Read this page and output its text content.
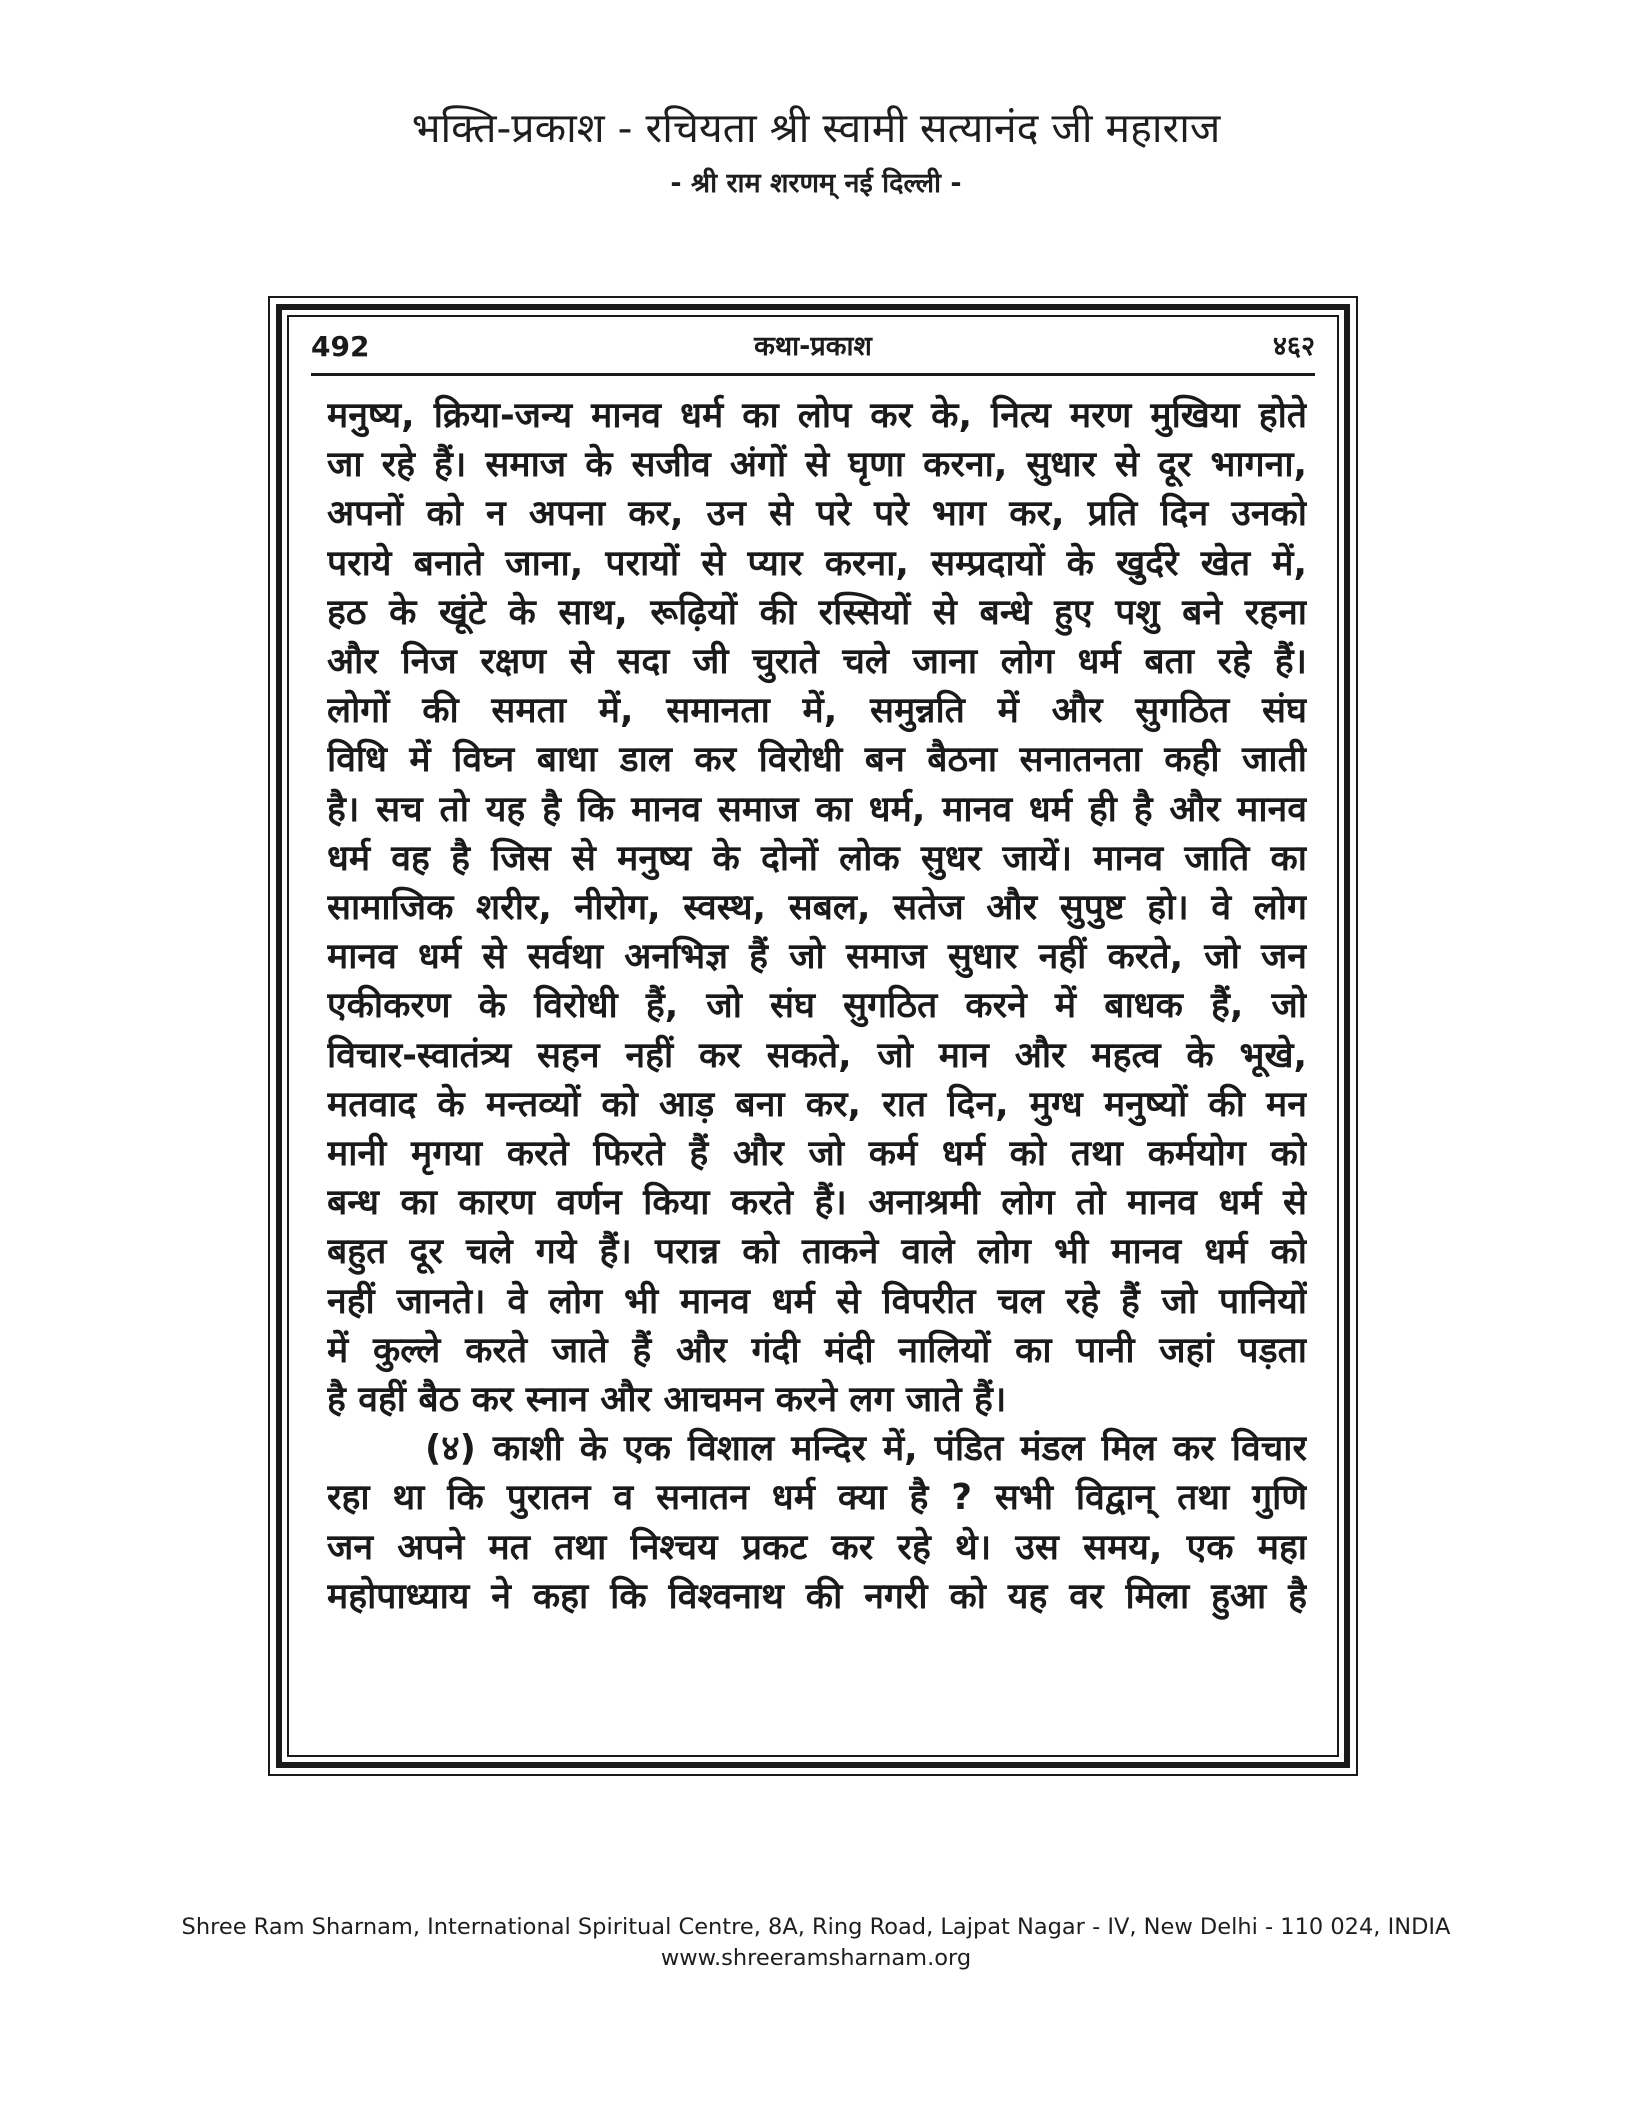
भक्ति-प्रकाश - रचियता श्री स्वामी सत्यानंद जी महाराज
- श्री राम शरणम् नई दिल्ली -
492	कथा-प्रकाश	४६२
मनुष्य, क्रिया-जन्य मानव धर्म का लोप कर के, नित्य मरण मुखिया होते
जा रहे हैं। समाज के सजीव अंगों से घृणा करना, सुधार से दूर भागना,
अपनों को न अपना कर, उन से परे परे भाग कर, प्रति दिन उनको
पराये बनाते जाना, परायों से प्यार करना, सम्प्रदायों के खुर्दरे खेत में,
हठ के खूंटे के साथ, रूढ़ियों की रस्सियों से बन्धे हुए पशु बने रहना
और निज रक्षण से सदा जी चुराते चले जाना लोग धर्म बता रहे हैं।
लोगों की समता में, समानता में, समुन्नति में और सुगठित संघ
विधि में विघ्न बाधा डाल कर विरोधी बन बैठना सनातनता कही जाती
है। सच तो यह है कि मानव समाज का धर्म, मानव धर्म ही है और मानव
धर्म वह है जिस से मनुष्य के दोनों लोक सुधर जायें। मानव जाति का
सामाजिक शरीर, नीरोग, स्वस्थ, सबल, सतेज और सुपुष्ट हो। वे लोग
मानव धर्म से सर्वथा अनभिज्ञ हैं जो समाज सुधार नहीं करते, जो जन
एकीकरण के विरोधी हैं, जो संघ सुगठित करने में बाधक हैं, जो
विचार-स्वातंत्र्य सहन नहीं कर सकते, जो मान और महत्व के भूखे,
मतवाद के मन्तव्यों को आड़ बना कर, रात दिन, मुग्ध मनुष्यों की मन
मानी मृगया करते फिरते हैं और जो कर्म धर्म को तथा कर्मयोग को
बन्ध का कारण वर्णन किया करते हैं। अनाश्रमी लोग तो मानव धर्म से
बहुत दूर चले गये हैं। परान्न को ताकने वाले लोग भी मानव धर्म को
नहीं जानते। वे लोग भी मानव धर्म से विपरीत चल रहे हैं जो पानियों
में कुल्ले करते जाते हैं और गंदी मंदी नालियों का पानी जहां पड़ता
है वहीं बैठ कर स्नान और आचमन करने लग जाते हैं।
(४) काशी के एक विशाल मन्दिर में, पंडित मंडल मिल कर विचार
रहा था कि पुरातन व सनातन धर्म क्या है ? सभी विद्वान् तथा गुणि
जन अपने मत तथा निश्चय प्रकट कर रहे थे। उस समय, एक महा
महोपाध्याय ने कहा कि विश्वनाथ की नगरी को यह वर मिला हुआ है
Shree Ram Sharnam, International Spiritual Centre, 8A, Ring Road, Lajpat Nagar - IV, New Delhi - 110 024, INDIA
www.shreeramsharnam.org
